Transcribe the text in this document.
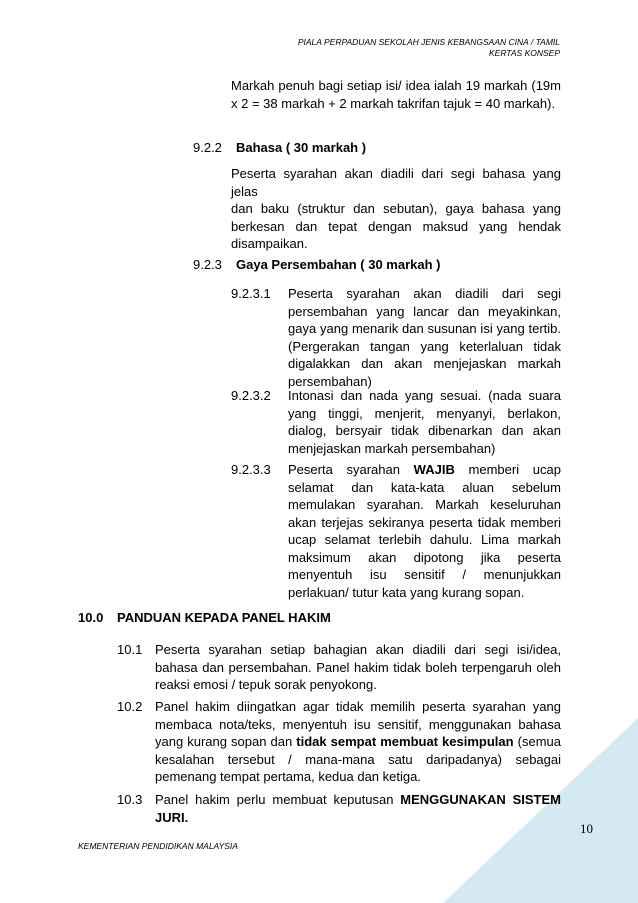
PIALA PERPADUAN SEKOLAH JENIS KEBANGSAAN CINA / TAMIL
KERTAS KONSEP
Markah penuh bagi setiap isi/ idea ialah 19 markah (19m
x 2 = 38 markah + 2 markah takrifan tajuk = 40 markah).
9.2.2 Bahasa ( 30 markah )
Peserta syarahan akan diadili dari segi bahasa yang jelas
dan baku (struktur dan sebutan), gaya bahasa yang
berkesan dan tepat dengan maksud yang hendak
disampaikan.
9.2.3 Gaya Persembahan ( 30 markah )
9.2.3.1 Peserta syarahan akan diadili dari segi
persembahan yang lancar dan meyakinkan,
gaya yang menarik dan susunan isi yang tertib.
(Pergerakan tangan yang keterlaluan tidak
digalakkan dan akan menjejaskan markah
persembahan)
9.2.3.2 Intonasi dan nada yang sesuai. (nada suara
yang tinggi, menjerit, menyanyi, berlakon,
dialog, bersyair tidak dibenarkan dan akan
menjejaskan markah persembahan)
9.2.3.3 Peserta syarahan WAJIB memberi ucap
selamat dan kata-kata aluan sebelum
memulakan syarahan. Markah keseluruhan
akan terjejas sekiranya peserta tidak memberi
ucap selamat terlebih dahulu. Lima markah
maksimum akan dipotong jika peserta
menyentuh isu sensitif / menunjukkan
perlakuan/ tutur kata yang kurang sopan.
10.0 PANDUAN KEPADA PANEL HAKIM
10.1 Peserta syarahan setiap bahagian akan diadili dari segi isi/idea,
bahasa dan persembahan. Panel hakim tidak boleh terpengaruh oleh
reaksi emosi / tepuk sorak penyokong.
10.2 Panel hakim diingatkan agar tidak memilih peserta syarahan yang
membaca nota/teks, menyentuh isu sensitif, menggunakan bahasa
yang kurang sopan dan tidak sempat membuat kesimpulan (semua
kesalahan tersebut / mana-mana satu daripadanya) sebagai
pemenang tempat pertama, kedua dan ketiga.
10.3 Panel hakim perlu membuat keputusan MENGGUNAKAN SISTEM
JURI.
10
KEMENTERIAN PENDIDIKAN MALAYSIA
